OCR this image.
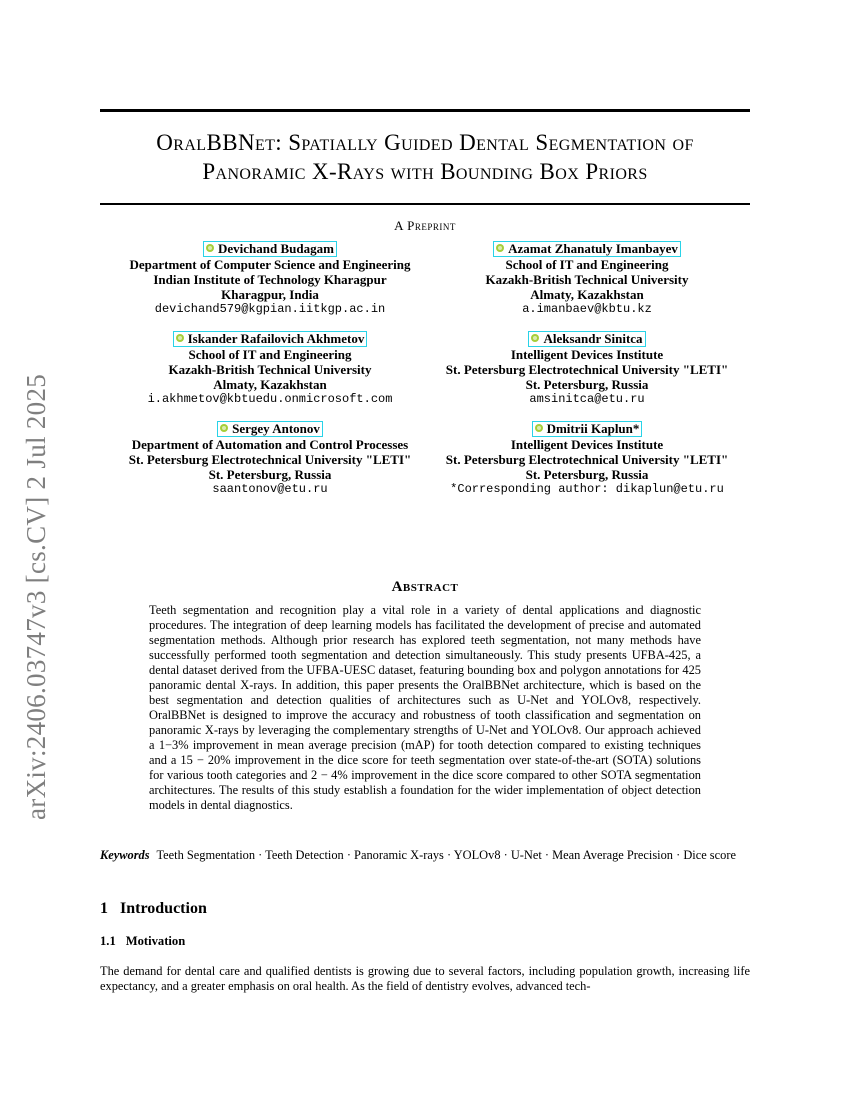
arXiv:2406.03747v3 [cs.CV] 2 Jul 2025
OralBBNet: Spatially Guided Dental Segmentation of
Panoramic X-Rays with Bounding Box Priors
A Preprint
Devichand Budagam
Department of Computer Science and Engineering
Indian Institute of Technology Kharagpur
Kharagpur, India
devichand579@kgpian.iitkgp.ac.in
Azamat Zhanatuly Imanbayev
School of IT and Engineering
Kazakh-British Technical University
Almaty, Kazakhstan
a.imanbaev@kbtu.kz
Iskander Rafailovich Akhmetov
School of IT and Engineering
Kazakh-British Technical University
Almaty, Kazakhstan
i.akhmetov@kbtuedu.onmicrosoft.com
Aleksandr Sinitca
Intelligent Devices Institute
St. Petersburg Electrotechnical University "LETI"
St. Petersburg, Russia
amsinitca@etu.ru
Sergey Antonov
Department of Automation and Control Processes
St. Petersburg Electrotechnical University "LETI"
St. Petersburg, Russia
saantonov@etu.ru
Dmitrii Kaplun*
Intelligent Devices Institute
St. Petersburg Electrotechnical University "LETI"
St. Petersburg, Russia
*Corresponding author: dikaplun@etu.ru
Abstract
Teeth segmentation and recognition play a vital role in a variety of dental applications and diagnostic procedures. The integration of deep learning models has facilitated the development of precise and automated segmentation methods. Although prior research has explored teeth segmentation, not many methods have successfully performed tooth segmentation and detection simultaneously. This study presents UFBA-425, a dental dataset derived from the UFBA-UESC dataset, featuring bounding box and polygon annotations for 425 panoramic dental X-rays. In addition, this paper presents the OralBBNet architecture, which is based on the best segmentation and detection qualities of architectures such as U-Net and YOLOv8, respectively. OralBBNet is designed to improve the accuracy and robustness of tooth classification and segmentation on panoramic X-rays by leveraging the complementary strengths of U-Net and YOLOv8. Our approach achieved a 1−3% improvement in mean average precision (mAP) for tooth detection compared to existing techniques and a 15 − 20% improvement in the dice score for teeth segmentation over state-of-the-art (SOTA) solutions for various tooth categories and 2 − 4% improvement in the dice score compared to other SOTA segmentation architectures. The results of this study establish a foundation for the wider implementation of object detection models in dental diagnostics.
Keywords Teeth Segmentation · Teeth Detection · Panoramic X-rays · YOLOv8 · U-Net · Mean Average Precision · Dice score
1 Introduction
1.1 Motivation
The demand for dental care and qualified dentists is growing due to several factors, including population growth, increasing life expectancy, and a greater emphasis on oral health. As the field of dentistry evolves, advanced tech-
